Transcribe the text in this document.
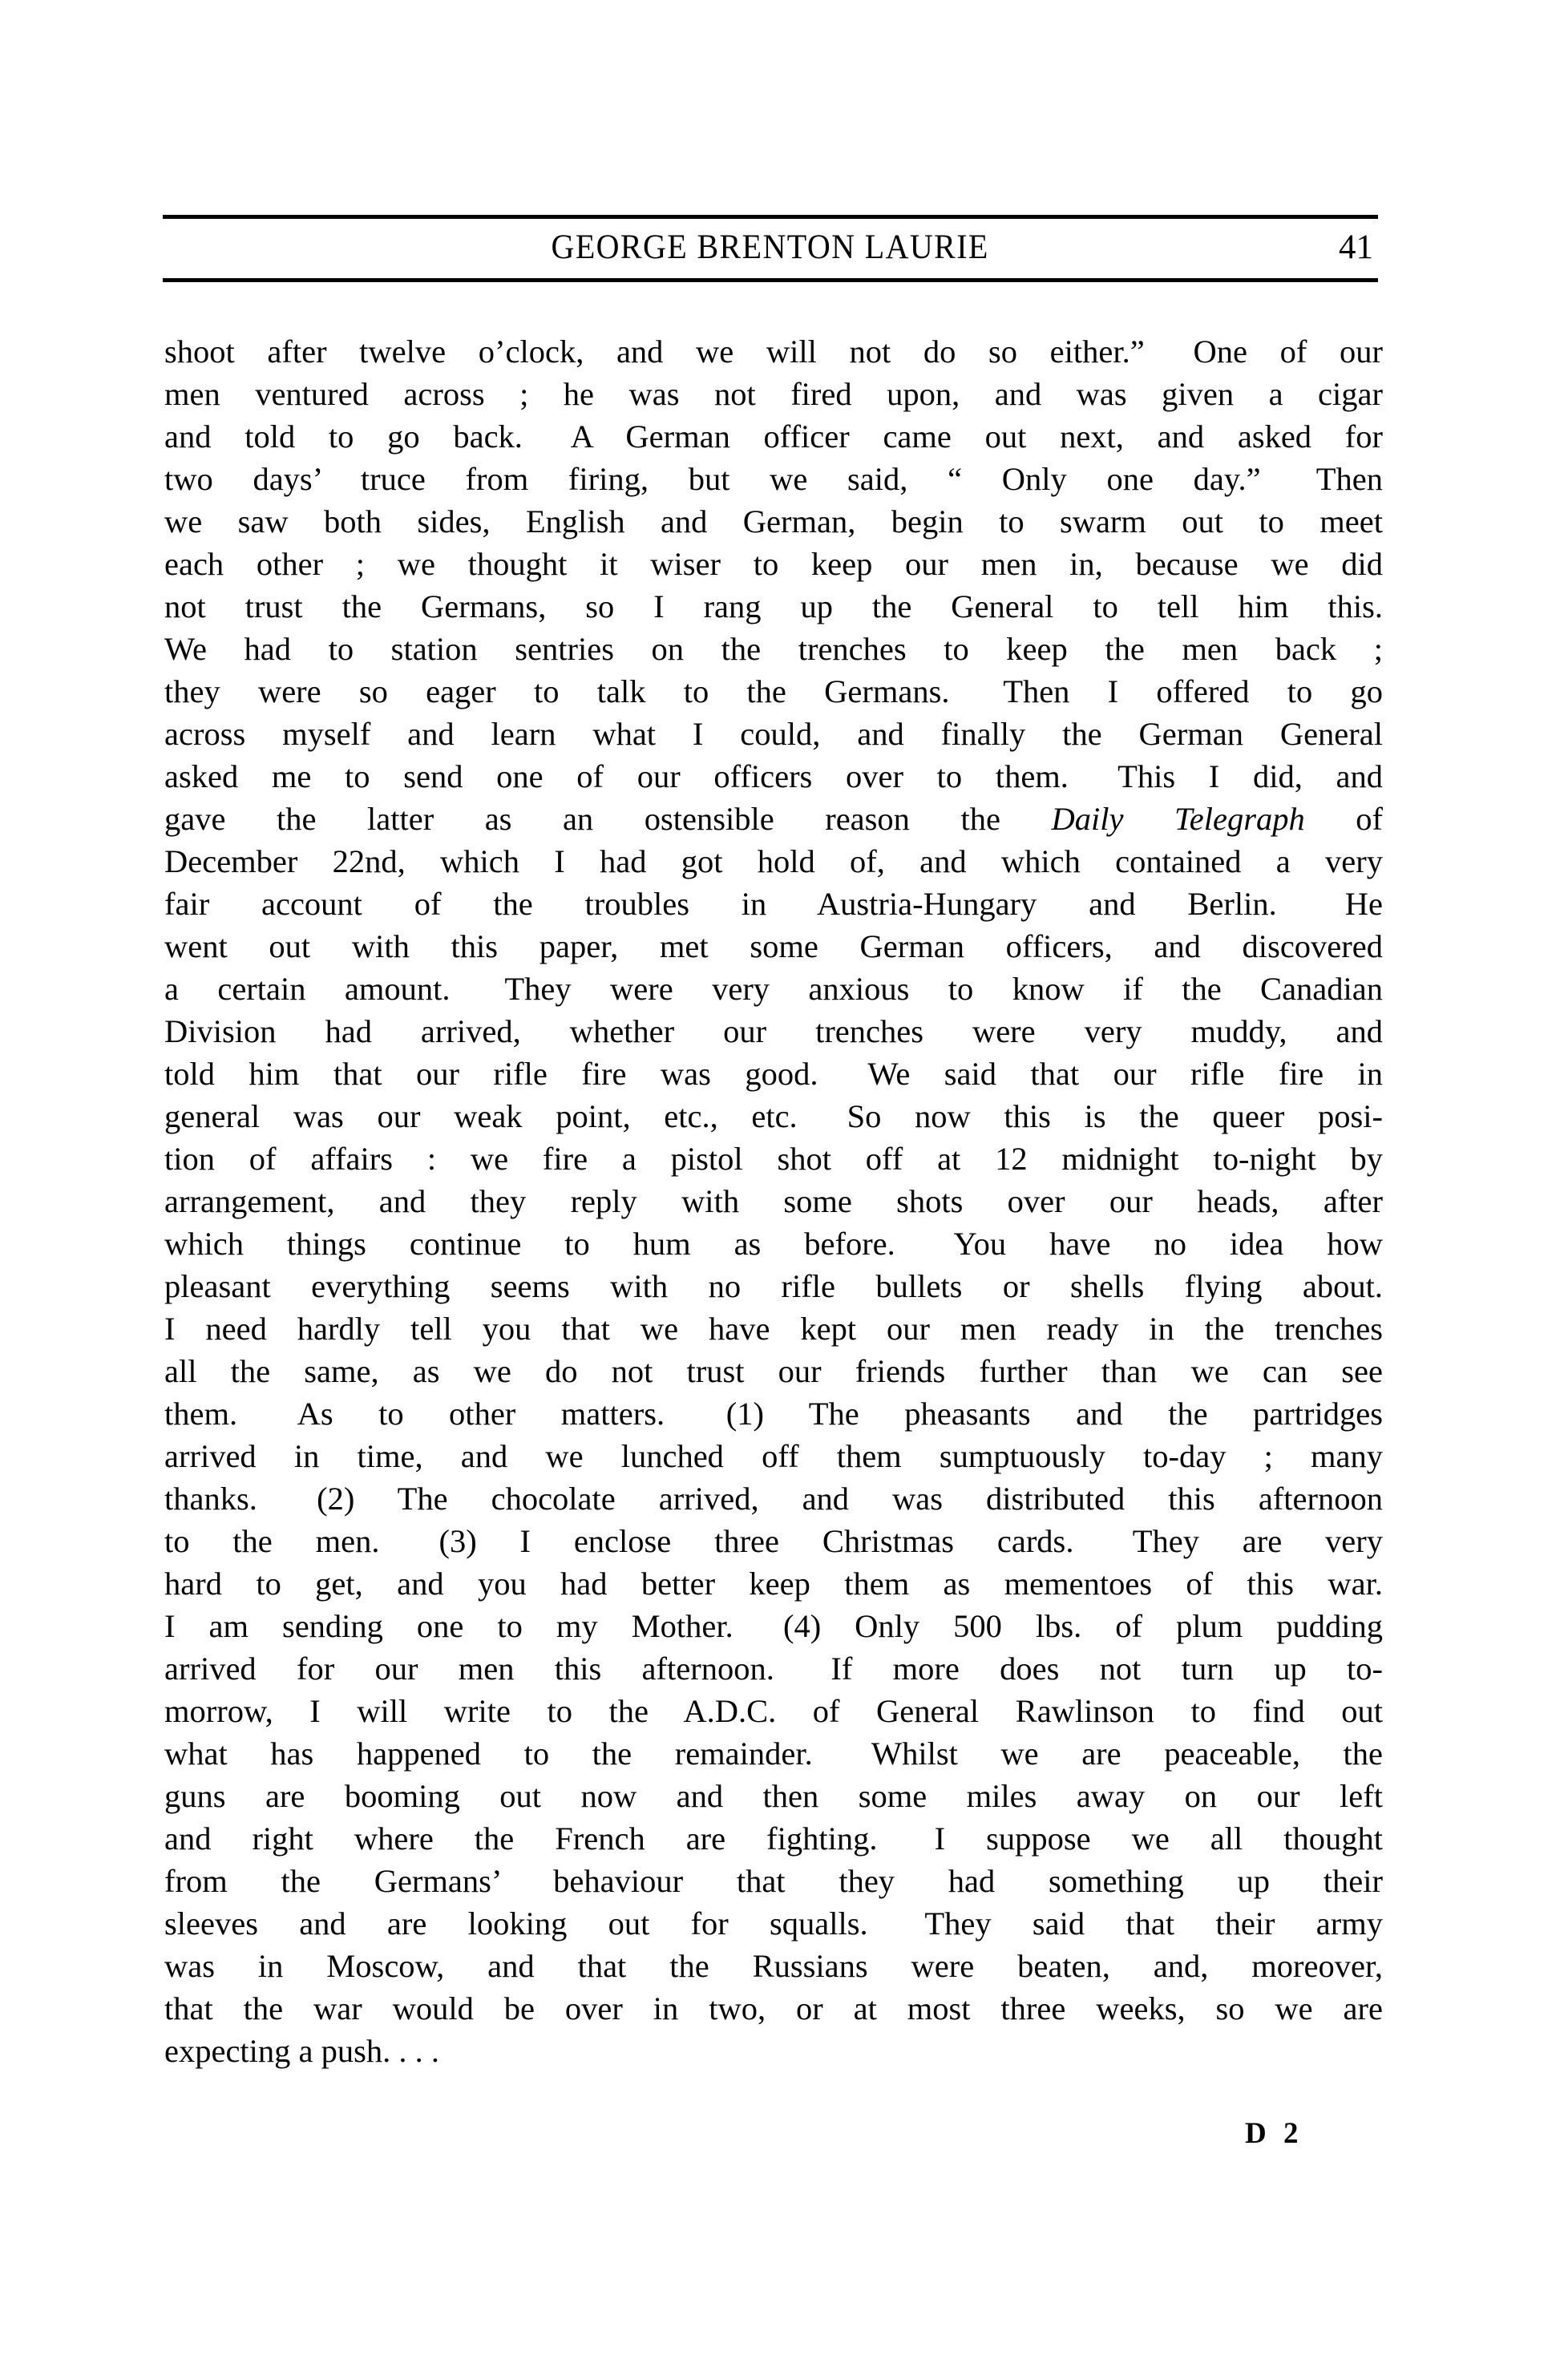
GEORGE BRENTON LAURIE	41
shoot after twelve o’clock, and we will not do so either.”  One of our
men ventured across ; he was not fired upon, and was given a cigar
and told to go back.  A German officer came out next, and asked for
two days’ truce from firing, but we said, “ Only one day.”  Then
we saw both sides, English and German, begin to swarm out to meet
each other ; we thought it wiser to keep our men in, because we did
not trust the Germans, so I rang up the General to tell him this.
We had to station sentries on the trenches to keep the men back ;
they were so eager to talk to the Germans.  Then I offered to go
across myself and learn what I could, and finally the German General
asked me to send one of our officers over to them.  This I did, and
gave the latter as an ostensible reason the Daily Telegraph of
December 22nd, which I had got hold of, and which contained a very
fair account of the troubles in Austria-Hungary and Berlin.  He
went out with this paper, met some German officers, and discovered
a certain amount.  They were very anxious to know if the Canadian
Division had arrived, whether our trenches were very muddy, and
told him that our rifle fire was good.  We said that our rifle fire in
general was our weak point, etc., etc.  So now this is the queer posi-
tion of affairs : we fire a pistol shot off at 12 midnight to-night by
arrangement, and they reply with some shots over our heads, after
which things continue to hum as before.  You have no idea how
pleasant everything seems with no rifle bullets or shells flying about.
I need hardly tell you that we have kept our men ready in the trenches
all the same, as we do not trust our friends further than we can see
them.  As to other matters.  (1) The pheasants and the partridges
arrived in time, and we lunched off them sumptuously to-day ; many
thanks.  (2) The chocolate arrived, and was distributed this afternoon
to the men.  (3) I enclose three Christmas cards.  They are very
hard to get, and you had better keep them as mementoes of this war.
I am sending one to my Mother.  (4) Only 500 lbs. of plum pudding
arrived for our men this afternoon.  If more does not turn up to-
morrow, I will write to the A.D.C. of General Rawlinson to find out
what has happened to the remainder.  Whilst we are peaceable, the
guns are booming out now and then some miles away on our left
and right where the French are fighting.  I suppose we all thought
from the Germans’ behaviour that they had something up their
sleeves and are looking out for squalls.  They said that their army
was in Moscow, and that the Russians were beaten, and, moreover,
that the war would be over in two, or at most three weeks, so we are
expecting a push. . . .
D 2
